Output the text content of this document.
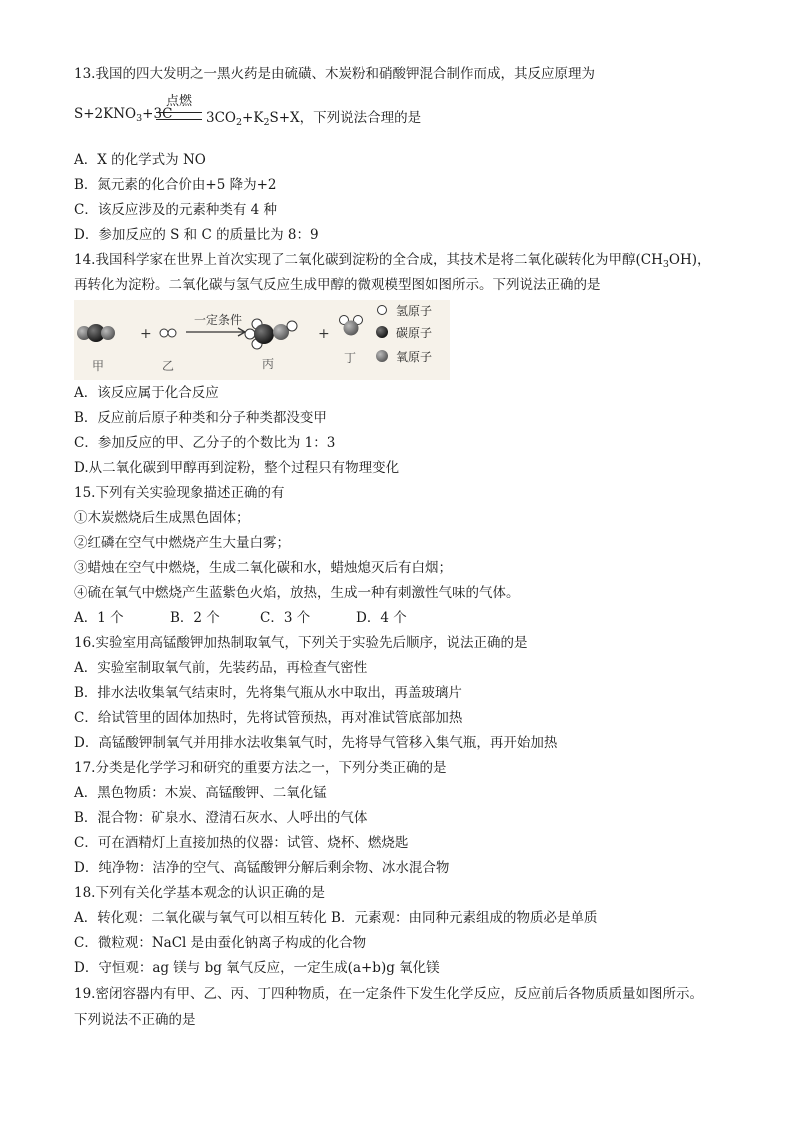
13.我国的四大发明之一黑火药是由硫磺、木炭粉和硝酸钾混合制作而成，其反应原理为
$S+2KNO_3+3C$
点燃
$3CO_2+K_2S+X$，下列说法合理的是
A．X 的化学式为 NO
B．氮元素的化合价由+5 降为+2
C．该反应涉及的元素种类有 4 种
D．参加反应的 S 和 C 的质量比为 8：9
14.我国科学家在世界上首次实现了二氧化碳到淀粉的全合成，其技术是将二氧化碳转化为甲醇$(CH_3OH)$，
再转化为淀粉。二氧化碳与氢气反应生成甲醇的微观模型图如图所示。下列说法正确的是
+
一定条件
+
甲	乙	丙	丁
氢原子
碳原子
氧原子
A．该反应属于化合反应
B．反应前后原子种类和分子种类都没变甲
C．参加反应的甲、乙分子的个数比为 1：3
D.从二氧化碳到甲醇再到淀粉，整个过程只有物理变化
15.下列有关实验现象描述正确的有
①木炭燃烧后生成黑色固体；
②红磷在空气中燃烧产生大量白雾；
③蜡烛在空气中燃烧，生成二氧化碳和水，蜡烛熄灭后有白烟；
④硫在氧气中燃烧产生蓝紫色火焰，放热，生成一种有刺激性气味的气体。
A．1 个	B．2 个	C．3 个	D．4 个
16.实验室用高锰酸钾加热制取氧气，下列关于实验先后顺序，说法正确的是
A．实验室制取氧气前，先装药品，再检查气密性
B．排水法收集氧气结束时，先将集气瓶从水中取出，再盖玻璃片
C．给试管里的固体加热时，先将试管预热，再对准试管底部加热
D．高锰酸钾制氧气并用排水法收集氧气时，先将导气管移入集气瓶，再开始加热
17.分类是化学学习和研究的重要方法之一，下列分类正确的是
A．黑色物质：木炭、高锰酸钾、二氧化锰
B．混合物：矿泉水、澄清石灰水、人呼出的气体
C．可在酒精灯上直接加热的仪器：试管、烧杯、燃烧匙
D．纯净物：洁净的空气、高锰酸钾分解后剩余物、冰水混合物
18.下列有关化学基本观念的认识正确的是
A．转化观：二氧化碳与氧气可以相互转化 B．元素观：由同种元素组成的物质必是单质
C．微粒观：NaCl 是由蚕化钠离子构成的化合物
D．守恒观：ag 镁与 bg 氧气反应，一定生成(a+b)g 氧化镁
19.密闭容器内有甲、乙、丙、丁四种物质，在一定条件下发生化学反应，反应前后各物质质量如图所示。
下列说法不正确的是
